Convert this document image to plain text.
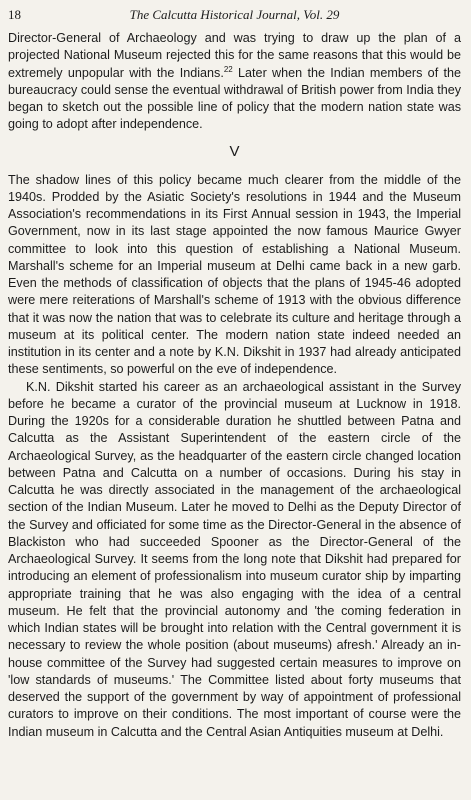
18	The Calcutta Historical Journal, Vol. 29

Director-General of Archaeology and was trying to draw up the plan of a projected National Museum rejected this for the same reasons that this would be extremely unpopular with the Indians.$^{22}$ Later when the Indian members of the bureaucracy could sense the eventual withdrawal of British power from India they began to sketch out the possible line of policy that the modern nation state was going to adopt after independence.

V

The shadow lines of this policy became much clearer from the middle of the 1940s. Prodded by the Asiatic Society's resolutions in 1944 and the Museum Association's recommendations in its First Annual session in 1943, the Imperial Government, now in its last stage appointed the now famous Maurice Gwyer committee to look into this question of establishing a National Museum. Marshall's scheme for an Imperial museum at Delhi came back in a new garb. Even the methods of classification of objects that the plans of 1945-46 adopted were mere reiterations of Marshall's scheme of 1913 with the obvious difference that it was now the nation that was to celebrate its culture and heritage through a museum at its political center. The modern nation state indeed needed an institution in its center and a note by K.N. Dikshit in 1937 had already anticipated these sentiments, so powerful on the eve of independence.

K.N. Dikshit started his career as an archaeological assistant in the Survey before he became a curator of the provincial museum at Lucknow in 1918. During the 1920s for a considerable duration he shuttled between Patna and Calcutta as the Assistant Superintendent of the eastern circle of the Archaeological Survey, as the headquarter of the eastern circle changed location between Patna and Calcutta on a number of occasions. During his stay in Calcutta he was directly associated in the management of the archaeological section of the Indian Museum. Later he moved to Delhi as the Deputy Director of the Survey and officiated for some time as the Director-General in the absence of Blackiston who had succeeded Spooner as the Director-General of the Archaeological Survey. It seems from the long note that Dikshit had prepared for introducing an element of professionalism into museum curator ship by imparting appropriate training that he was also engaging with the idea of a central museum. He felt that the provincial autonomy and 'the coming federation in which Indian states will be brought into relation with the Central government it is necessary to review the whole position (about museums) afresh.' Already an in-house committee of the Survey had suggested certain measures to improve on 'low standards of museums.' The Committee listed about forty museums that deserved the support of the government by way of appointment of professional curators to improve on their conditions. The most important of course were the Indian museum in Calcutta and the Central Asian Antiquities museum at Delhi.
